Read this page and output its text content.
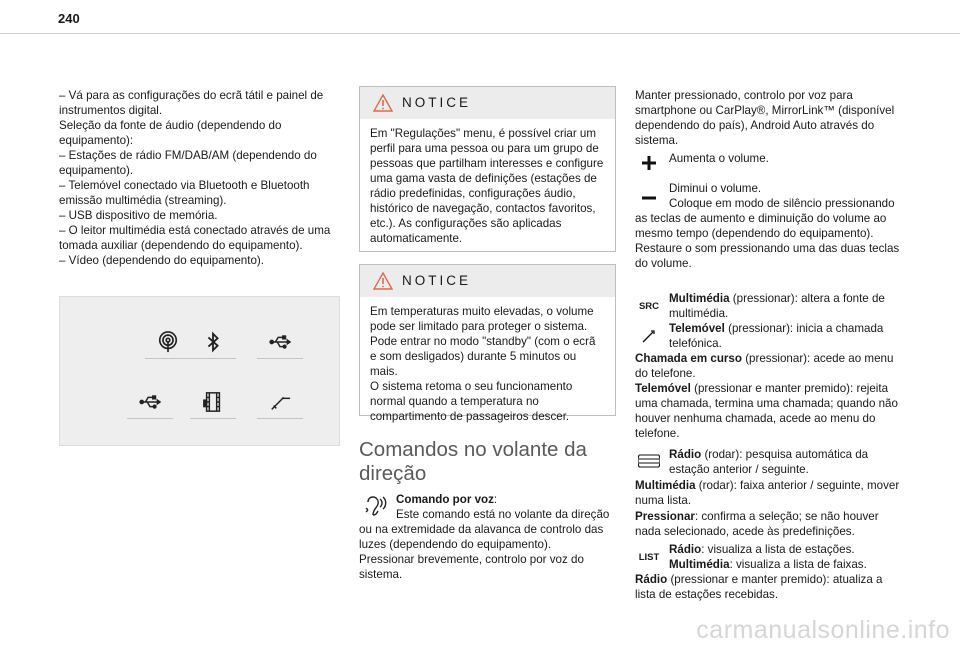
240

– Vá para as configurações do ecrã tátil e painel de instrumentos digital.
Seleção da fonte de áudio (dependendo do equipamento):
– Estações de rádio FM/DAB/AM (dependendo do equipamento).
– Telemóvel conectado via Bluetooth e Bluetooth emissão multimédia (streaming).
– USB dispositivo de memória.
– O leitor multimédia está conectado através de uma tomada auxiliar (dependendo do equipamento).
– Vídeo (dependendo do equipamento).

NOTICE
Em "Regulações" menu, é possível criar um perfil para uma pessoa ou para um grupo de pessoas que partilham interesses e configure uma gama vasta de definições (estações de rádio predefinidas, configurações áudio, histórico de navegação, contactos favoritos, etc.). As configurações são aplicadas automaticamente.
NOTICE
Em temperaturas muito elevadas, o volume pode ser limitado para proteger o sistema. Pode entrar no modo "standby" (com o ecrã e som desligados) durante 5 minutos ou mais.
O sistema retoma o seu funcionamento normal quando a temperatura no compartimento de passageiros descer.
Comandos no volante da direção
Comando por voz:
Este comando está no volante da direção ou na extremidade da alavanca de controlo das luzes (dependendo do equipamento).
Pressionar brevemente, controlo por voz do sistema.

Manter pressionado, controlo por voz para smartphone ou CarPlay®, MirrorLink™ (disponível dependendo do país), Android Auto através do sistema.

Aumenta o volume.
Diminui o volume.
Coloque em modo de silêncio pressionando as teclas de aumento e diminuição do volume ao mesmo tempo (dependendo do equipamento).
Restaure o som pressionando uma das duas teclas do volume.
SRC
Multimédia (pressionar): altera a fonte de multimédia.
Telemóvel (pressionar): inicia a chamada telefónica.
Chamada em curso (pressionar): acede ao menu do telefone.
Telemóvel (pressionar e manter premido): rejeita uma chamada, termina uma chamada; quando não houver nenhuma chamada, acede ao menu do telefone.
Rádio (rodar): pesquisa automática da estação anterior / seguinte.
Multimédia (rodar): faixa anterior / seguinte, mover numa lista.
Pressionar: confirma a seleção; se não houver nada selecionado, acede às predefinições.
LIST
Rádio: visualiza a lista de estações.
Multimédia: visualiza a lista de faixas.
Rádio (pressionar e manter premido): atualiza a lista de estações recebidas.
carmanualsonline.info
